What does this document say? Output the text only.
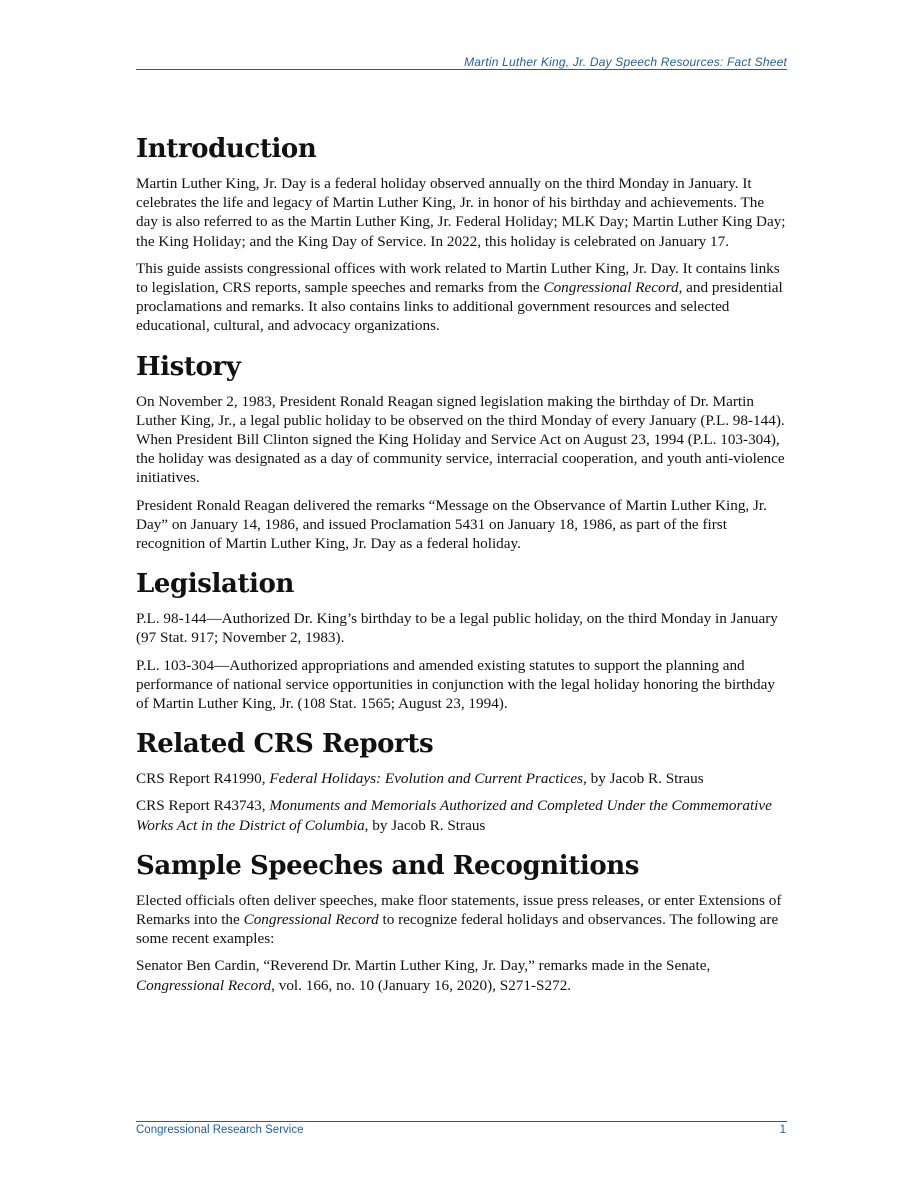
Martin Luther King, Jr. Day Speech Resources: Fact Sheet
Introduction

Martin Luther King, Jr. Day is a federal holiday observed annually on the third Monday in January. It celebrates the life and legacy of Martin Luther King, Jr. in honor of his birthday and achievements. The day is also referred to as the Martin Luther King, Jr. Federal Holiday; MLK Day; Martin Luther King Day; the King Holiday; and the King Day of Service. In 2022, this holiday is celebrated on January 17.

This guide assists congressional offices with work related to Martin Luther King, Jr. Day. It contains links to legislation, CRS reports, sample speeches and remarks from the Congressional Record, and presidential proclamations and remarks. It also contains links to additional government resources and selected educational, cultural, and advocacy organizations.

History

On November 2, 1983, President Ronald Reagan signed legislation making the birthday of Dr. Martin Luther King, Jr., a legal public holiday to be observed on the third Monday of every January (P.L. 98-144). When President Bill Clinton signed the King Holiday and Service Act on August 23, 1994 (P.L. 103-304), the holiday was designated as a day of community service, interracial cooperation, and youth anti-violence initiatives.

President Ronald Reagan delivered the remarks “Message on the Observance of Martin Luther King, Jr. Day” on January 14, 1986, and issued Proclamation 5431 on January 18, 1986, as part of the first recognition of Martin Luther King, Jr. Day as a federal holiday.

Legislation

P.L. 98-144—Authorized Dr. King’s birthday to be a legal public holiday, on the third Monday in January (97 Stat. 917; November 2, 1983).

P.L. 103-304—Authorized appropriations and amended existing statutes to support the planning and performance of national service opportunities in conjunction with the legal holiday honoring the birthday of Martin Luther King, Jr. (108 Stat. 1565; August 23, 1994).

Related CRS Reports

CRS Report R41990, Federal Holidays: Evolution and Current Practices, by Jacob R. Straus

CRS Report R43743, Monuments and Memorials Authorized and Completed Under the Commemorative Works Act in the District of Columbia, by Jacob R. Straus

Sample Speeches and Recognitions

Elected officials often deliver speeches, make floor statements, issue press releases, or enter Extensions of Remarks into the Congressional Record to recognize federal holidays and observances. The following are some recent examples:

Senator Ben Cardin, “Reverend Dr. Martin Luther King, Jr. Day,” remarks made in the Senate, Congressional Record, vol. 166, no. 10 (January 16, 2020), S271-S272.

Congressional Research Service	1
